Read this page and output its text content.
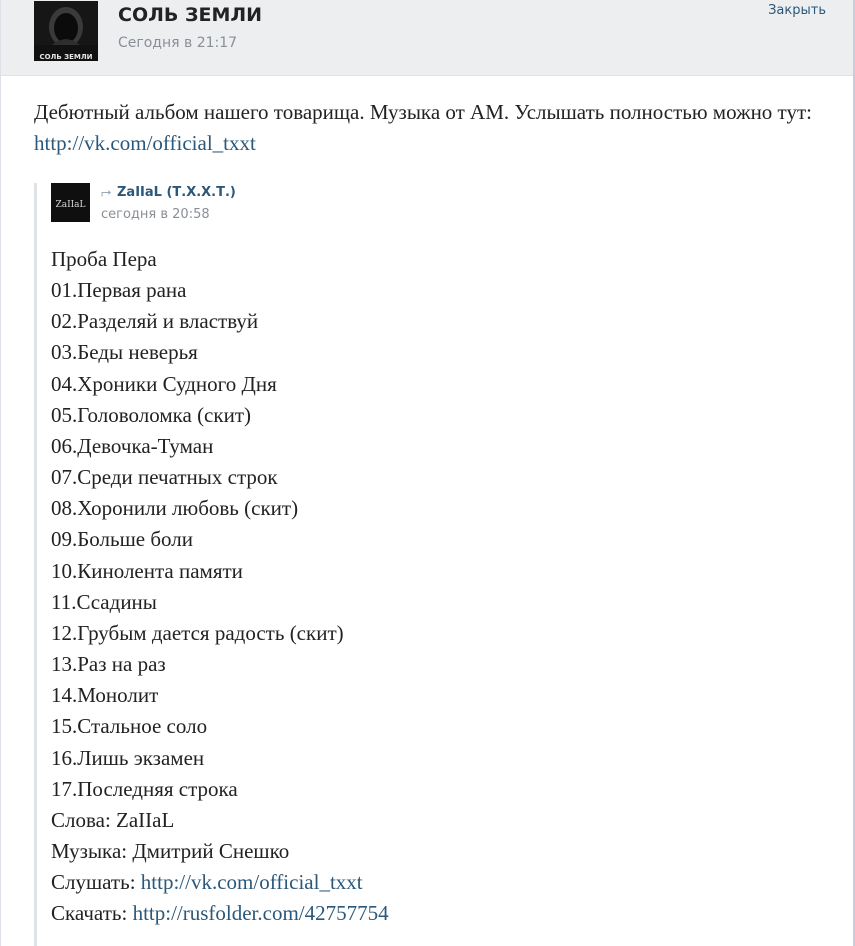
СОЛЬ ЗЕМЛИ
СОЛЬ ЗЕМЛИ
Сегодня в 21:17
Закрыть
Дебютный альбом нашего товарища. Музыка от AM. Услышать полностью можно тут: http://vk.com/official_txxt
ZaIIaL
⮣ ZaIIaL (Т.Х.Х.Т.)
сегодня в 20:58
Проба Пера
01.Первая рана
02.Разделяй и властвуй
03.Беды неверья
04.Хроники Судного Дня
05.Головоломка (скит)
06.Девочка-Туман
07.Среди печатных строк
08.Хоронили любовь (скит)
09.Больше боли
10.Кинолента памяти
11.Ссадины
12.Грубым дается радость (скит)
13.Раз на раз
14.Монолит
15.Стальное соло
16.Лишь экзамен
17.Последняя строка
Слова: ZaIIaL
Музыка: Дмитрий Снешко
Слушать: http://vk.com/official_txxt
Скачать: http://rusfolder.com/42757754
